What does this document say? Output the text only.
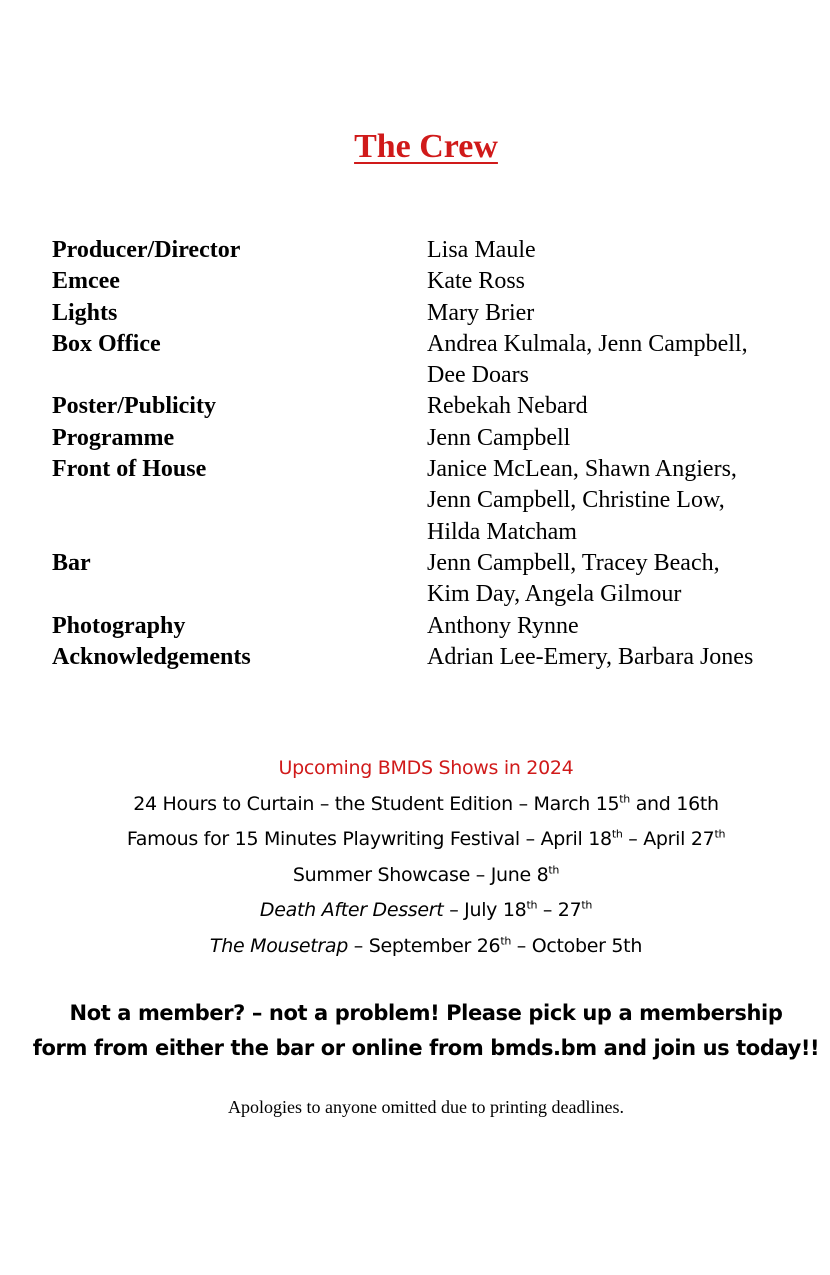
The Crew
Producer/Director	Lisa Maule
Emcee	Kate Ross
Lights	Mary Brier
Box Office	Andrea Kulmala, Jenn Campbell,
Dee Doars
Poster/Publicity	Rebekah Nebard
Programme	Jenn Campbell
Front of House	Janice McLean, Shawn Angiers,
Jenn Campbell, Christine Low,
Hilda Matcham
Bar	Jenn Campbell, Tracey Beach,
Kim Day, Angela Gilmour
Photography	Anthony Rynne
Acknowledgements	Adrian Lee-Emery, Barbara Jones
Upcoming BMDS Shows in 2024
24 Hours to Curtain – the Student Edition – March 15th and 16th
Famous for 15 Minutes Playwriting Festival – April 18th – April 27th
Summer Showcase – June 8th
Death After Dessert – July 18th – 27th
The Mousetrap – September 26th – October 5th
Not a member? – not a problem! Please pick up a membership
form from either the bar or online from bmds.bm and join us today!!
Apologies to anyone omitted due to printing deadlines.
